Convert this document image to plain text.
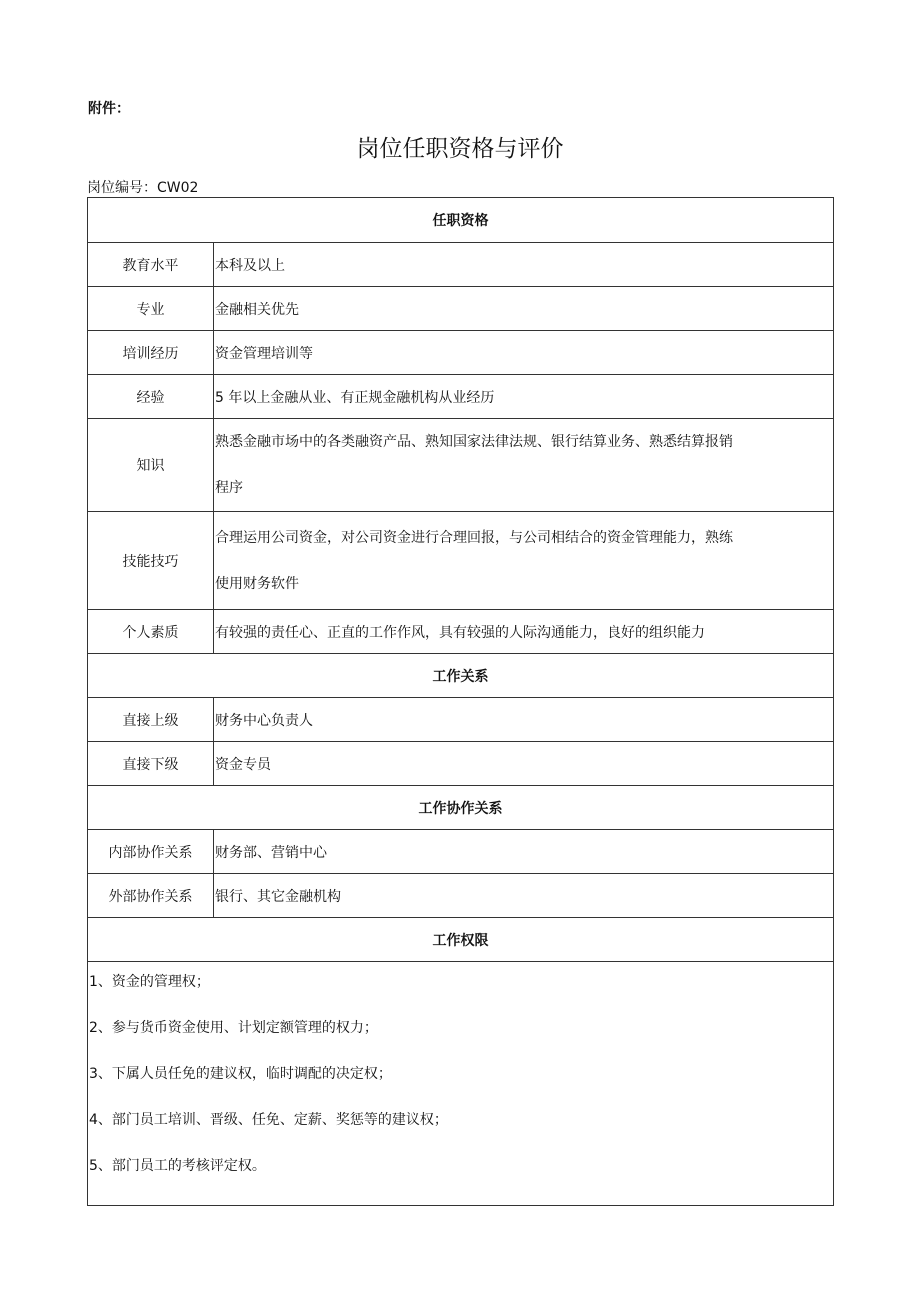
附件：
岗位任职资格与评价
岗位编号：CW02
任职资格	
教育水平	本科及以上
专业	金融相关优先
培训经历	资金管理培训等
经验	5 年以上金融从业、有正规金融机构从业经历
知识	熟悉金融市场中的各类融资产品、熟知国家法律法规、银行结算业务、熟悉结算报销
程序

技能技巧	合理运用公司资金，对公司资金进行合理回报，与公司相结合的资金管理能力，熟练
使用财务软件

个人素质	有较强的责任心、正直的工作作风，具有较强的人际沟通能力，良好的组织能力
工作关系	
直接上级	财务中心负责人
直接下级	资金专员
工作协作关系	
内部协作关系	财务部、营销中心
外部协作关系	银行、其它金融机构
工作权限	

1、资金的管理权；
2、参与货币资金使用、计划定额管理的权力；
3、下属人员任免的建议权，临时调配的决定权；
4、部门员工培训、晋级、任免、定薪、奖惩等的建议权；
5、部门员工的考核评定权。	
